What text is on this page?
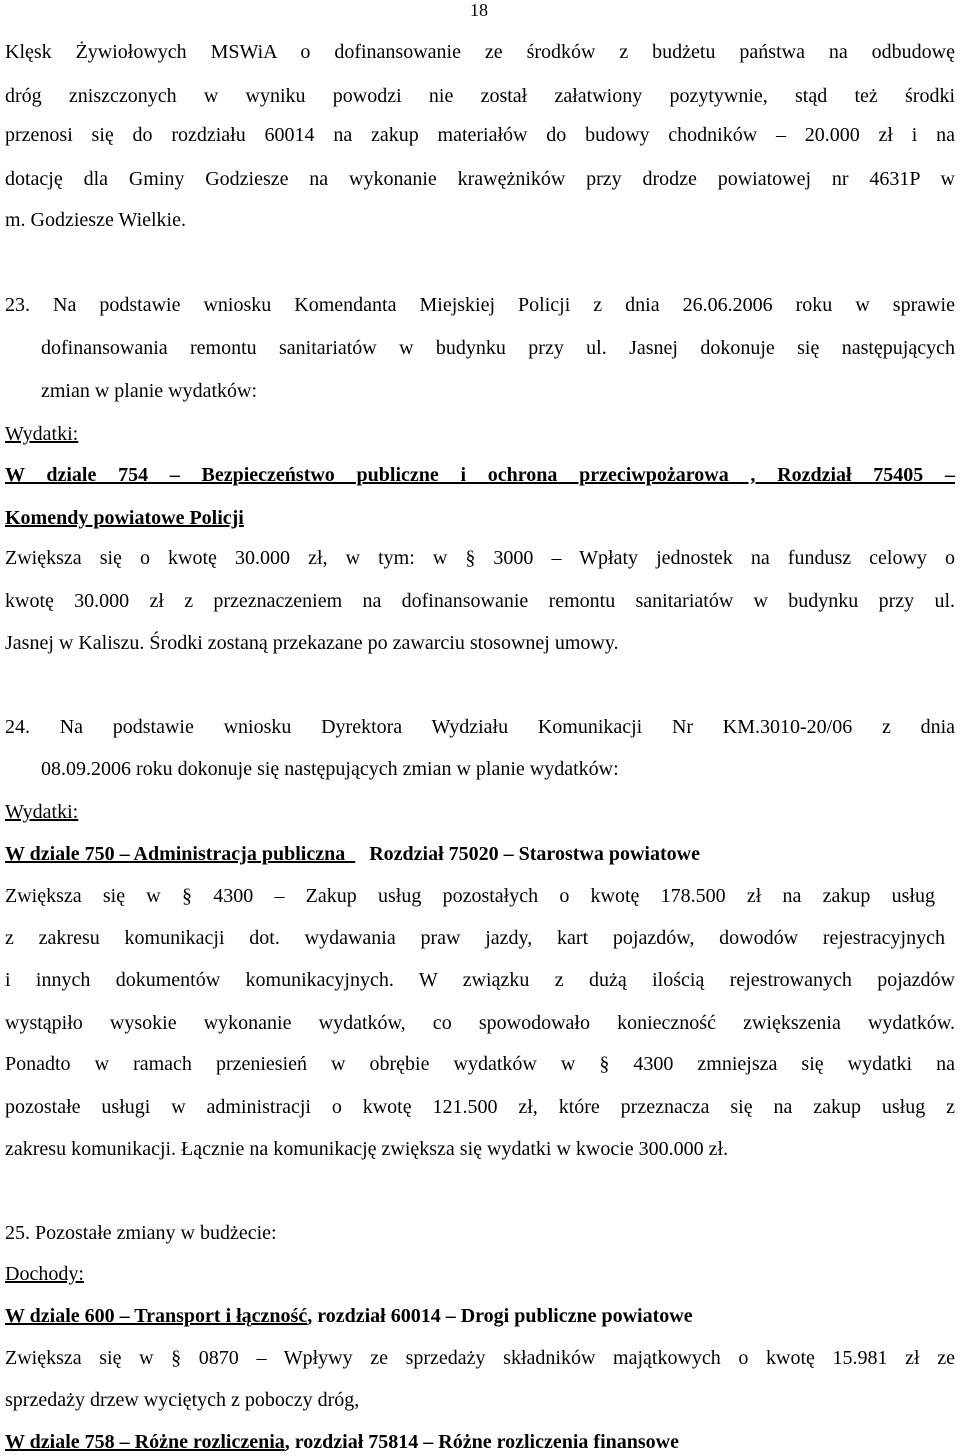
18
Klęsk Żywiołowych MSWiA o dofinansowanie ze środków z budżetu państwa na odbudowę
dróg zniszczonych w wyniku powodzi nie został załatwiony pozytywnie, stąd też środki
przenosi się do rozdziału 60014 na zakup materiałów do budowy chodników – 20.000 zł i na
dotację dla Gminy Godziesze na wykonanie krawężników przy drodze powiatowej nr 4631P w
m. Godziesze Wielkie.
23. Na podstawie wniosku Komendanta Miejskiej Policji z dnia 26.06.2006 roku w sprawie
dofinansowania remontu sanitariatów w budynku przy ul. Jasnej dokonuje się następujących
zmian w planie wydatków:
Wydatki:
W dziale 754 – Bezpieczeństwo publiczne i ochrona przeciwpożarowa , Rozdział 75405 –
Komendy powiatowe Policji
Zwiększa się o kwotę 30.000 zł, w tym: w § 3000 – Wpłaty jednostek na fundusz celowy o
kwotę 30.000 zł z przeznaczeniem na dofinansowanie remontu sanitariatów w budynku przy ul.
Jasnej w Kaliszu. Środki zostaną przekazane po zawarciu stosownej umowy.
24. Na podstawie wniosku Dyrektora Wydziału Komunikacji Nr KM.3010-20/06 z dnia
08.09.2006 roku dokonuje się następujących zmian w planie wydatków:
Wydatki:
W dziale 750 – Administracja publiczna  Rozdział 75020 – Starostwa powiatowe
Zwiększa się w § 4300 – Zakup usług pozostałych o kwotę 178.500 zł na zakup usług
z zakresu komunikacji dot. wydawania praw jazdy, kart pojazdów, dowodów rejestracyjnych
i innych dokumentów komunikacyjnych. W związku z dużą ilością rejestrowanych pojazdów
wystąpiło wysokie wykonanie wydatków, co spowodowało konieczność zwiększenia wydatków.
Ponadto w ramach przeniesień w obrębie wydatków w § 4300 zmniejsza się wydatki na
pozostałe usługi w administracji o kwotę 121.500 zł, które przeznacza się na zakup usług z
zakresu komunikacji. Łącznie na komunikację zwiększa się wydatki w kwocie 300.000 zł.
25. Pozostałe zmiany w budżecie:
Dochody:
W dziale 600 – Transport i łączność, rozdział 60014 – Drogi publiczne powiatowe
Zwiększa się w § 0870 – Wpływy ze sprzedaży składników majątkowych o kwotę 15.981 zł ze
sprzedaży drzew wyciętych z poboczy dróg,
W dziale 758 – Różne rozliczenia, rozdział 75814 – Różne rozliczenia finansowe
